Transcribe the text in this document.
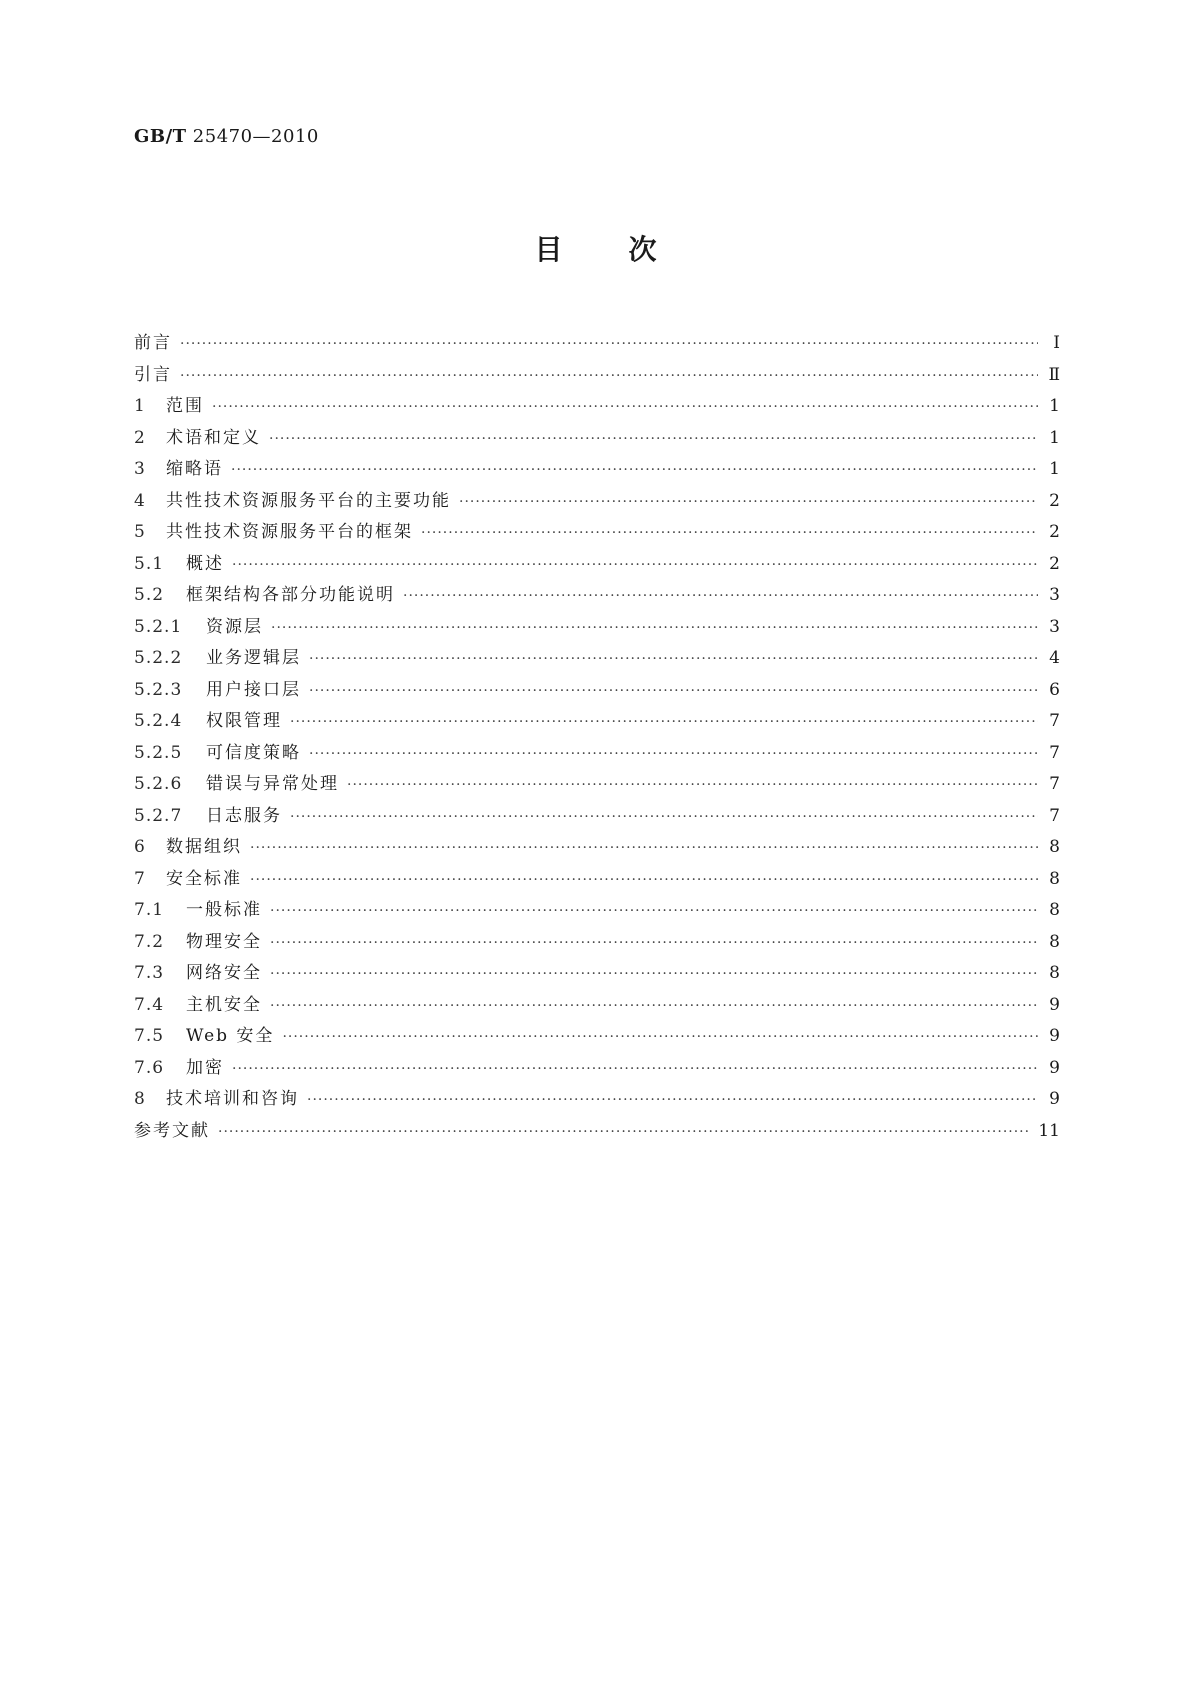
GB/T 25470—2010
目次
前言 ·····	Ⅰ
引言 ·····	Ⅱ
1	范围 ·····	1
2	术语和定义 ·····	1
3	缩略语 ·····	1
4	共性技术资源服务平台的主要功能 ·····	2
5	共性技术资源服务平台的框架 ·····	2
5.1	概述 ·····	2
5.2	框架结构各部分功能说明 ·····	3
5.2.1	资源层 ·····	3
5.2.2	业务逻辑层 ·····	4
5.2.3	用户接口层 ·····	6
5.2.4	权限管理 ·····	7
5.2.5	可信度策略 ·····	7
5.2.6	错误与异常处理 ·····	7
5.2.7	日志服务 ·····	7
6	数据组织 ·····	8
7	安全标准 ·····	8
7.1	一般标准 ·····	8
7.2	物理安全 ·····	8
7.3	网络安全 ·····	8
7.4	主机安全 ·····	9
7.5	Web 安全 ·····	9
7.6	加密 ·····	9
8	技术培训和咨询 ·····	9
参考文献 ·····	11
